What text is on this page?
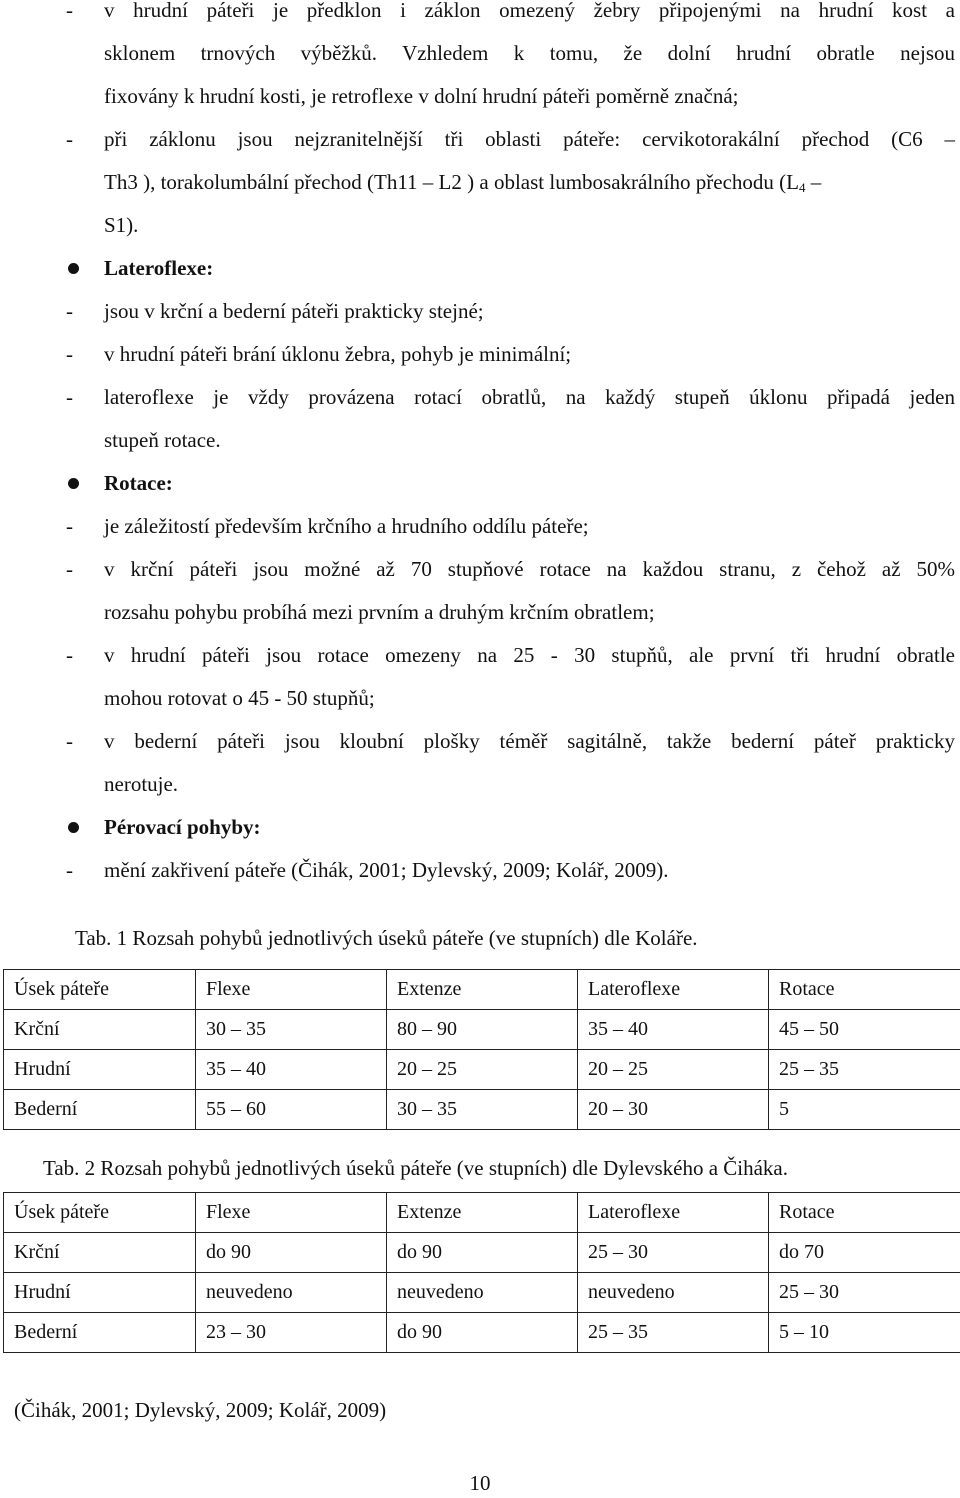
- v hrudní páteři je předklon i záklon omezený žebry připojenými na hrudní kost a
sklonem trnových výběžků. Vzhledem k tomu, že dolní hrudní obratle nejsou
fixovány k hrudní kosti, je retroflexe v dolní hrudní páteři poměrně značná;
- při záklonu jsou nejzranitelnější tři oblasti páteře: cervikotorakální přechod (C6 –
Th3 ), torakolumbální přechod (Th11 – L2 ) a oblast lumbosakrálního přechodu ($L_4$ –
S1).
Lateroflexe:
- jsou v krční a bederní páteři prakticky stejné;
- v hrudní páteři brání úklonu žebra, pohyb je minimální;
- lateroflexe je vždy provázena rotací obratlů, na každý stupeň úklonu připadá jeden
stupeň rotace.
Rotace:
- je záležitostí především krčního a hrudního oddílu páteře;
- v krční páteři jsou možné až 70 stupňové rotace na každou stranu, z čehož až 50%
rozsahu pohybu probíhá mezi prvním a druhým krčním obratlem;
- v hrudní páteři jsou rotace omezeny na 25 - 30 stupňů, ale první tři hrudní obratle
mohou rotovat o 45 - 50 stupňů;
- v bederní páteři jsou kloubní plošky téměř sagitálně, takže bederní páteř prakticky
nerotuje.
Pérovací pohyby:
- mění zakřivení páteře (Čihák, 2001; Dylevský, 2009; Kolář, 2009).
Tab. 1 Rozsah pohybů jednotlivých úseků páteře (ve stupních) dle Koláře.
Úsek páteře	Flexe	Extenze	Lateroflexe	Rotace
Krční	30 – 35	80 – 90	35 – 40	45 – 50
Hrudní	35 – 40	20 – 25	20 – 25	25 – 35
Bederní	55 – 60	30 – 35	20 – 30	5
Tab. 2 Rozsah pohybů jednotlivých úseků páteře (ve stupních) dle Dylevského a Čiháka.
Úsek páteře	Flexe	Extenze	Lateroflexe	Rotace
Krční	do 90	do 90	25 – 30	do 70
Hrudní	neuvedeno	neuvedeno	neuvedeno	25 – 30
Bederní	23 – 30	do 90	25 – 35	5 – 10
(Čihák, 2001; Dylevský, 2009; Kolář, 2009)
10
